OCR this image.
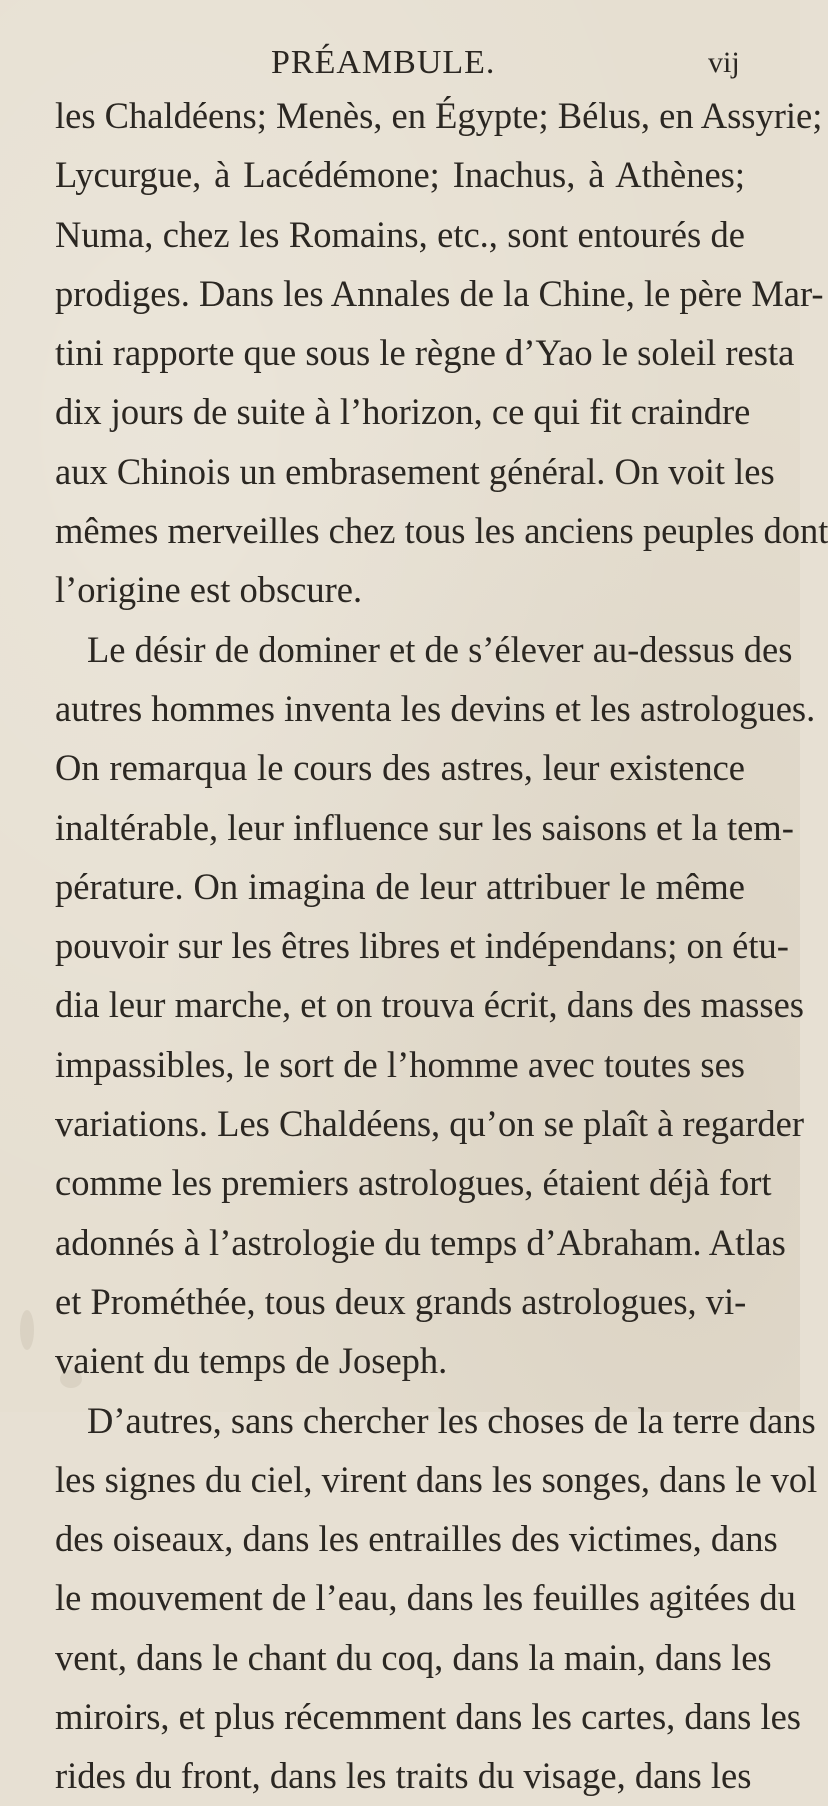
PRÉAMBULE.	vij
les Chaldéens; Menès, en Égypte; Bélus, en Assyrie;
Lycurgue, à Lacédémone; Inachus, à Athènes;
Numa, chez les Romains, etc., sont entourés de
prodiges. Dans les Annales de la Chine, le père Mar-
tini rapporte que sous le règne d’Yao le soleil resta
dix jours de suite à l’horizon, ce qui fit craindre
aux Chinois un embrasement général. On voit les
mêmes merveilles chez tous les anciens peuples dont
l’origine est obscure.
Le désir de dominer et de s’élever au-dessus des
autres hommes inventa les devins et les astrologues.
On remarqua le cours des astres, leur existence
inaltérable, leur influence sur les saisons et la tem-
pérature. On imagina de leur attribuer le même
pouvoir sur les êtres libres et indépendans; on étu-
dia leur marche, et on trouva écrit, dans des masses
impassibles, le sort de l’homme avec toutes ses
variations. Les Chaldéens, qu’on se plaît à regarder
comme les premiers astrologues, étaient déjà fort
adonnés à l’astrologie du temps d’Abraham. Atlas
et Prométhée, tous deux grands astrologues, vi-
vaient du temps de Joseph.
D’autres, sans chercher les choses de la terre dans
les signes du ciel, virent dans les songes, dans le vol
des oiseaux, dans les entrailles des victimes, dans
le mouvement de l’eau, dans les feuilles agitées du
vent, dans le chant du coq, dans la main, dans les
miroirs, et plus récemment dans les cartes, dans les
rides du front, dans les traits du visage, dans les
